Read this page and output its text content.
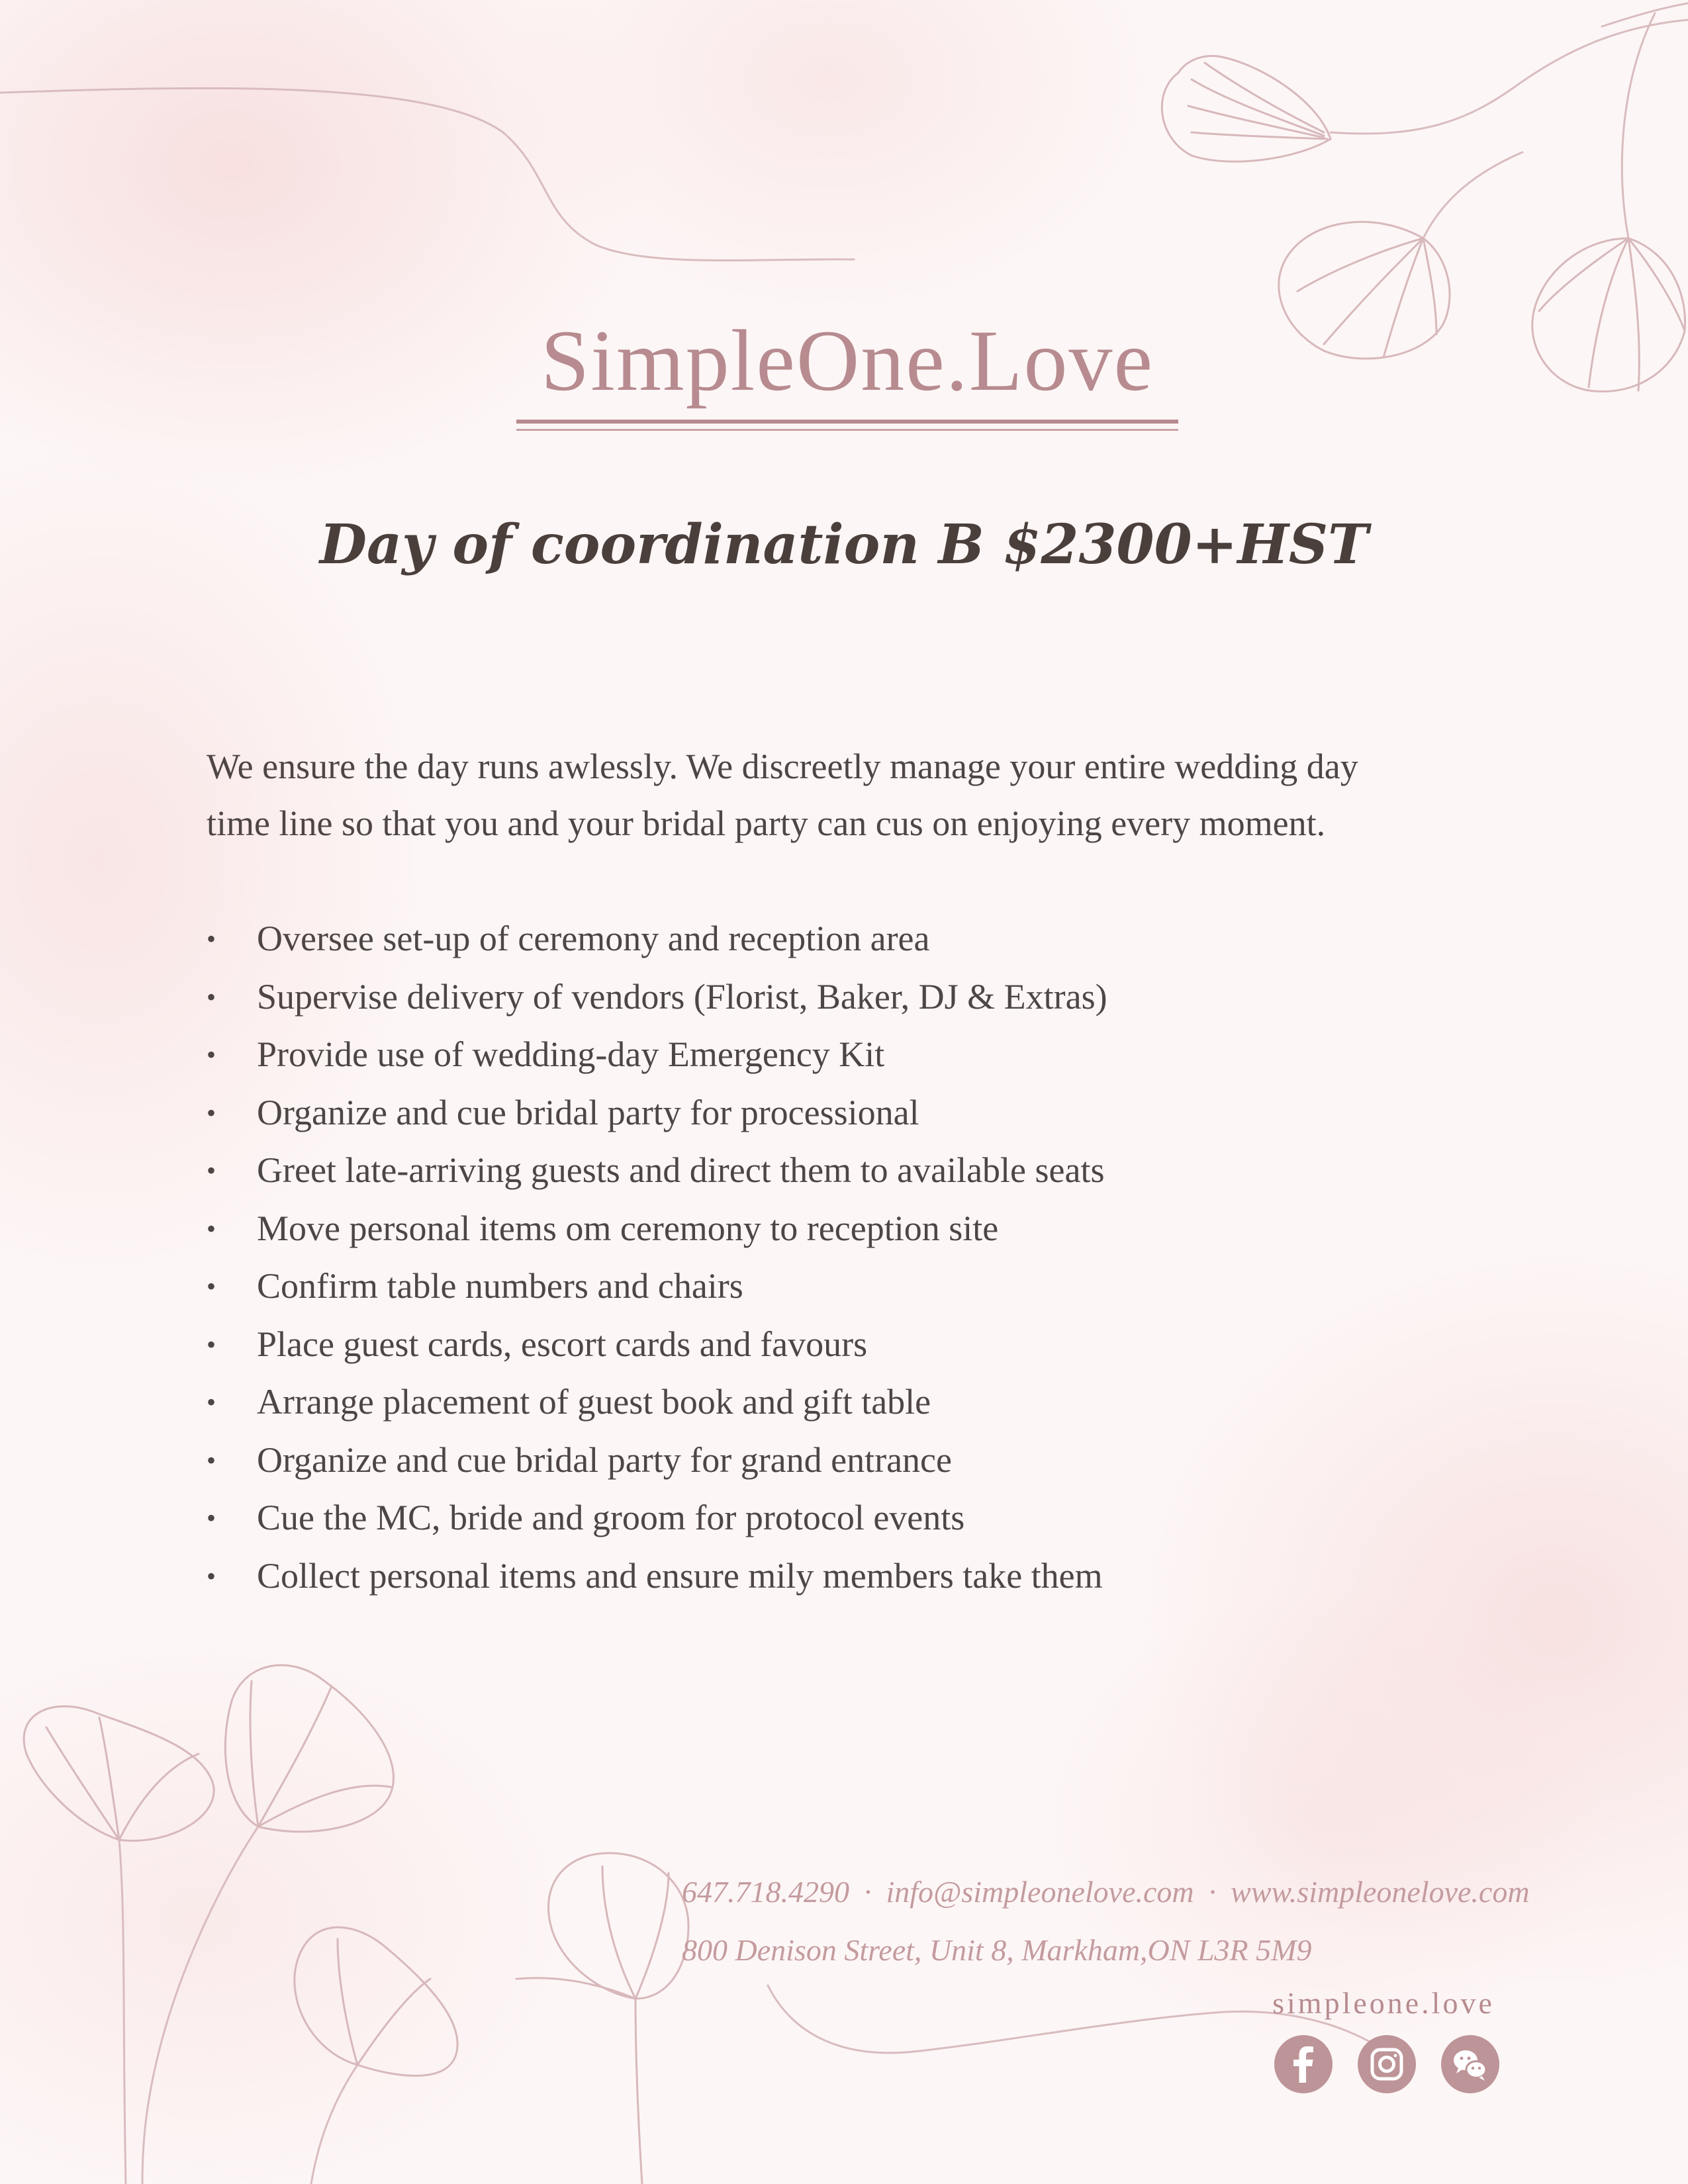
SimpleOne.Love
Day of coordination B $2300+HST
We ensure the day runs awlessly. We discreetly manage your entire wedding day
time line so that you and your bridal party can cus on enjoying every moment.
• Oversee set-up of ceremony and reception area
• Supervise delivery of vendors (Florist, Baker, DJ & Extras)
• Provide use of wedding-day Emergency Kit
• Organize and cue bridal party for processional
• Greet late-arriving guests and direct them to available seats
• Move personal items om ceremony to reception site
• Confirm table numbers and chairs
• Place guest cards, escort cards and favours
• Arrange placement of guest book and gift table
• Organize and cue bridal party for grand entrance
• Cue the MC, bride and groom for protocol events
• Collect personal items and ensure mily members take them
647.718.4290 · info@simpleonelove.com · www.simpleonelove.com
800 Denison Street, Unit 8, Markham,ON L3R 5M9
simpleone.love
